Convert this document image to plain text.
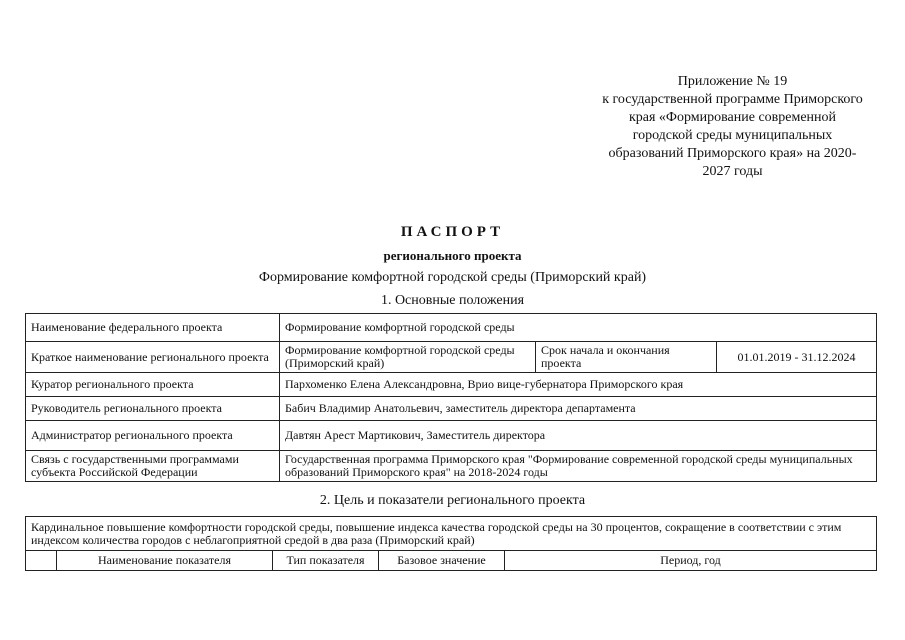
Приложение № 19
к государственной программе Приморского
края «Формирование современной
городской среды муниципальных
образований Приморского края» на 2020-
2027 годы
ПАСПОРТ
регионального проекта
Формирование комфортной городской среды (Приморский край)
1. Основные положения
Наименование федерального проекта	Формирование комфортной городской среды		
Краткое наименование регионального проекта	Формирование комфортной городской среды (Приморский край)	Срок начала и окончания проекта	01.01.2019 - 31.12.2024
Куратор регионального проекта	Пархоменко Елена Александровна, Врио вице-губернатора Приморского края		
Руководитель регионального проекта	Бабич Владимир Анатольевич, заместитель директора департамента		
Администратор регионального проекта	Давтян Арест Мартикович, Заместитель директора		
Связь с государственными программами субъекта Российской Федерации	Государственная программа Приморского края "Формирование современной городской среды муниципальных образований Приморского края" на 2018-2024 годы		
2. Цель и показатели регионального проекта
Кардинальное повышение комфортности городской среды, повышение индекса качества городской среды на 30 процентов, сокращение в соответствии с этим индексом количества городов с неблагоприятной средой в два раза (Приморский край)
	Наименование показателя	Тип показателя	Базовое значение	Период, год
